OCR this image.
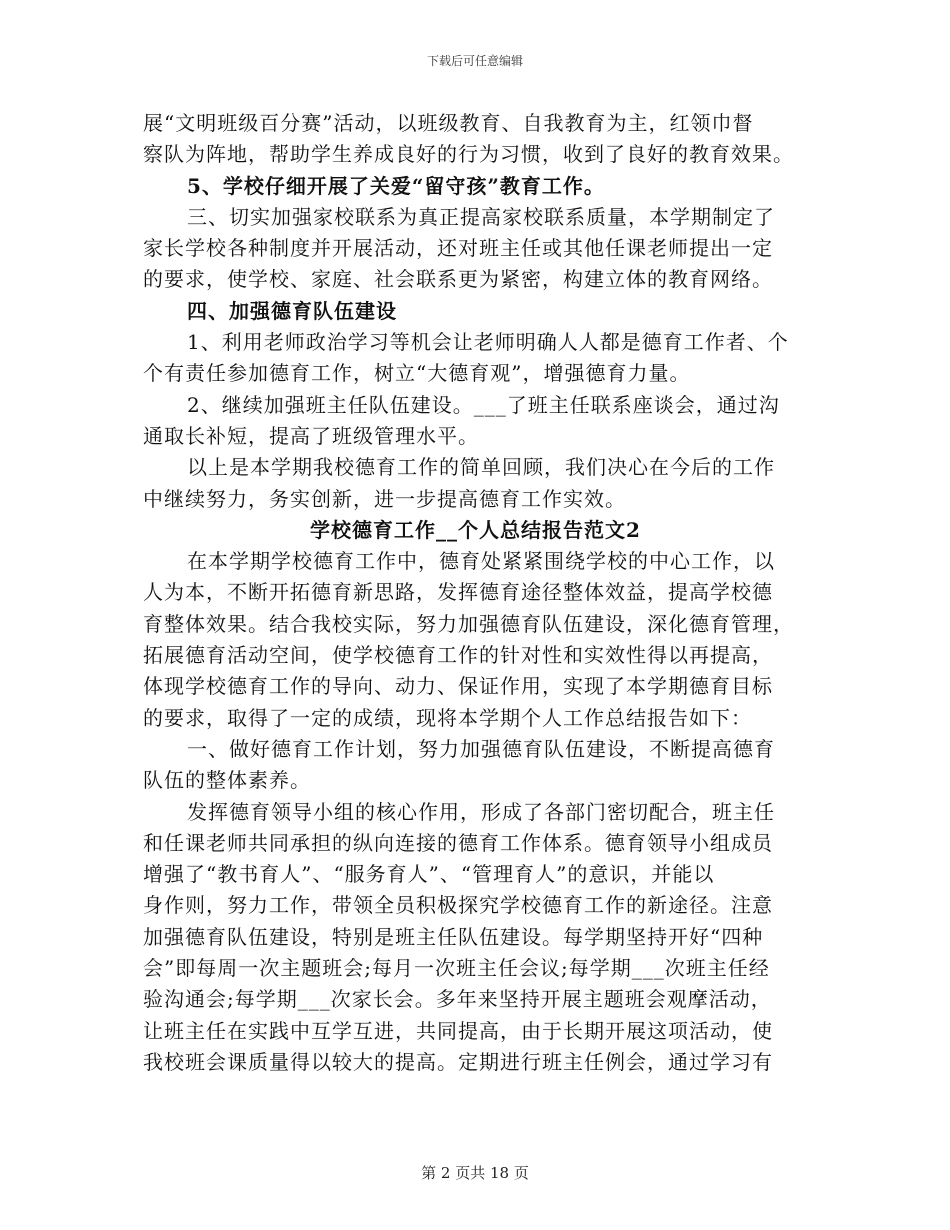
下载后可任意编辑
展“文明班级百分赛”活动，以班级教育、自我教育为主，红领巾督
察队为阵地，帮助学生养成良好的行为习惯，收到了良好的教育效果。
5、学校仔细开展了关爱“留守孩”教育工作。
三、切实加强家校联系为真正提高家校联系质量，本学期制定了
家长学校各种制度并开展活动，还对班主任或其他任课老师提出一定
的要求，使学校、家庭、社会联系更为紧密，构建立体的教育网络。
四、加强德育队伍建设
1、利用老师政治学习等机会让老师明确人人都是德育工作者、个
个有责任参加德育工作，树立“大德育观”，增强德育力量。
2、继续加强班主任队伍建设。___了班主任联系座谈会，通过沟
通取长补短，提高了班级管理水平。
以上是本学期我校德育工作的简单回顾，我们决心在今后的工作
中继续努力，务实创新，进一步提高德育工作实效。
学校德育工作__个人总结报告范文2
在本学期学校德育工作中，德育处紧紧围绕学校的中心工作，以
人为本，不断开拓德育新思路，发挥德育途径整体效益，提高学校德
育整体效果。结合我校实际，努力加强德育队伍建设，深化德育管理，
拓展德育活动空间，使学校德育工作的针对性和实效性得以再提高，
体现学校德育工作的导向、动力、保证作用，实现了本学期德育目标
的要求，取得了一定的成绩，现将本学期个人工作总结报告如下：
一、做好德育工作计划，努力加强德育队伍建设，不断提高德育
队伍的整体素养。
发挥德育领导小组的核心作用，形成了各部门密切配合，班主任
和任课老师共同承担的纵向连接的德育工作体系。德育领导小组成员
增强了“教书育人”、“服务育人”、“管理育人”的意识，并能以
身作则，努力工作，带领全员积极探究学校德育工作的新途径。注意
加强德育队伍建设，特别是班主任队伍建设。每学期坚持开好“四种
会”即每周一次主题班会;每月一次班主任会议;每学期___次班主任经
验沟通会;每学期___次家长会。多年来坚持开展主题班会观摩活动，
让班主任在实践中互学互进，共同提高，由于长期开展这项活动，使
我校班会课质量得以较大的提高。定期进行班主任例会，通过学习有
第 2 页共 18 页
